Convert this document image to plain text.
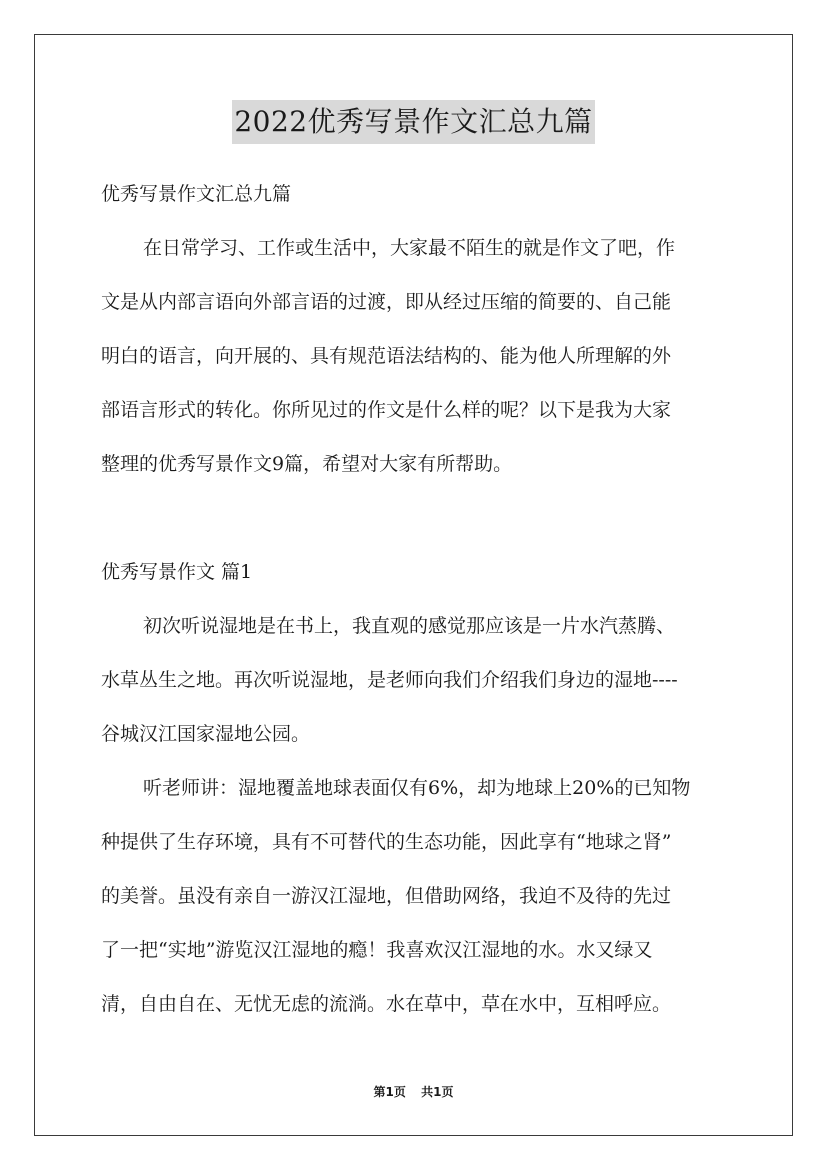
2022优秀写景作文汇总九篇
优秀写景作文汇总九篇
在日常学习、工作或生活中，大家最不陌生的就是作文了吧，作
文是从内部言语向外部言语的过渡，即从经过压缩的简要的、自己能
明白的语言，向开展的、具有规范语法结构的、能为他人所理解的外
部语言形式的转化。你所见过的作文是什么样的呢？以下是我为大家
整理的优秀写景作文9篇，希望对大家有所帮助。
优秀写景作文 篇1
初次听说湿地是在书上，我直观的感觉那应该是一片水汽蒸腾、
水草丛生之地。再次听说湿地，是老师向我们介绍我们身边的湿地----
谷城汉江国家湿地公园。
听老师讲：湿地覆盖地球表面仅有6%，却为地球上20%的已知物
种提供了生存环境，具有不可替代的生态功能，因此享有“地球之肾”
的美誉。虽没有亲自一游汉江湿地，但借助网络，我迫不及待的先过
了一把“实地”游览汉江湿地的瘾！我喜欢汉江湿地的水。水又绿又
清，自由自在、无忧无虑的流淌。水在草中，草在水中，互相呼应。
第1页 共1页
